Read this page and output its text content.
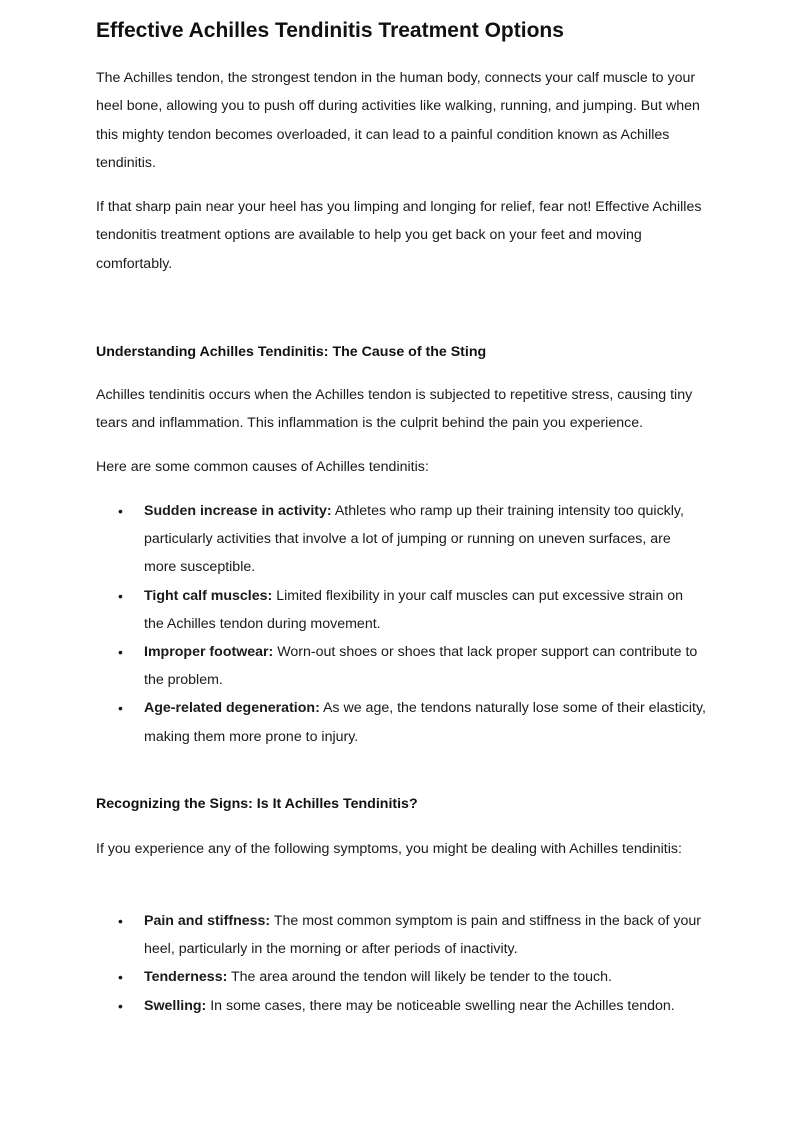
Effective Achilles Tendinitis Treatment Options

The Achilles tendon, the strongest tendon in the human body, connects your calf muscle to your heel bone, allowing you to push off during activities like walking, running, and jumping. But when this mighty tendon becomes overloaded, it can lead to a painful condition known as Achilles tendinitis.

If that sharp pain near your heel has you limping and longing for relief, fear not! Effective Achilles tendonitis treatment options are available to help you get back on your feet and moving comfortably.

Understanding Achilles Tendinitis: The Cause of the Sting

Achilles tendinitis occurs when the Achilles tendon is subjected to repetitive stress, causing tiny tears and inflammation. This inflammation is the culprit behind the pain you experience.

Here are some common causes of Achilles tendinitis:

• Sudden increase in activity: Athletes who ramp up their training intensity too quickly, particularly activities that involve a lot of jumping or running on uneven surfaces, are more susceptible.
• Tight calf muscles: Limited flexibility in your calf muscles can put excessive strain on the Achilles tendon during movement.
• Improper footwear: Worn-out shoes or shoes that lack proper support can contribute to the problem.
• Age-related degeneration: As we age, the tendons naturally lose some of their elasticity, making them more prone to injury.
Recognizing the Signs: Is It Achilles Tendinitis?

If you experience any of the following symptoms, you might be dealing with Achilles tendinitis:

• Pain and stiffness: The most common symptom is pain and stiffness in the back of your heel, particularly in the morning or after periods of inactivity.
• Tenderness: The area around the tendon will likely be tender to the touch.
• Swelling: In some cases, there may be noticeable swelling near the Achilles tendon.
